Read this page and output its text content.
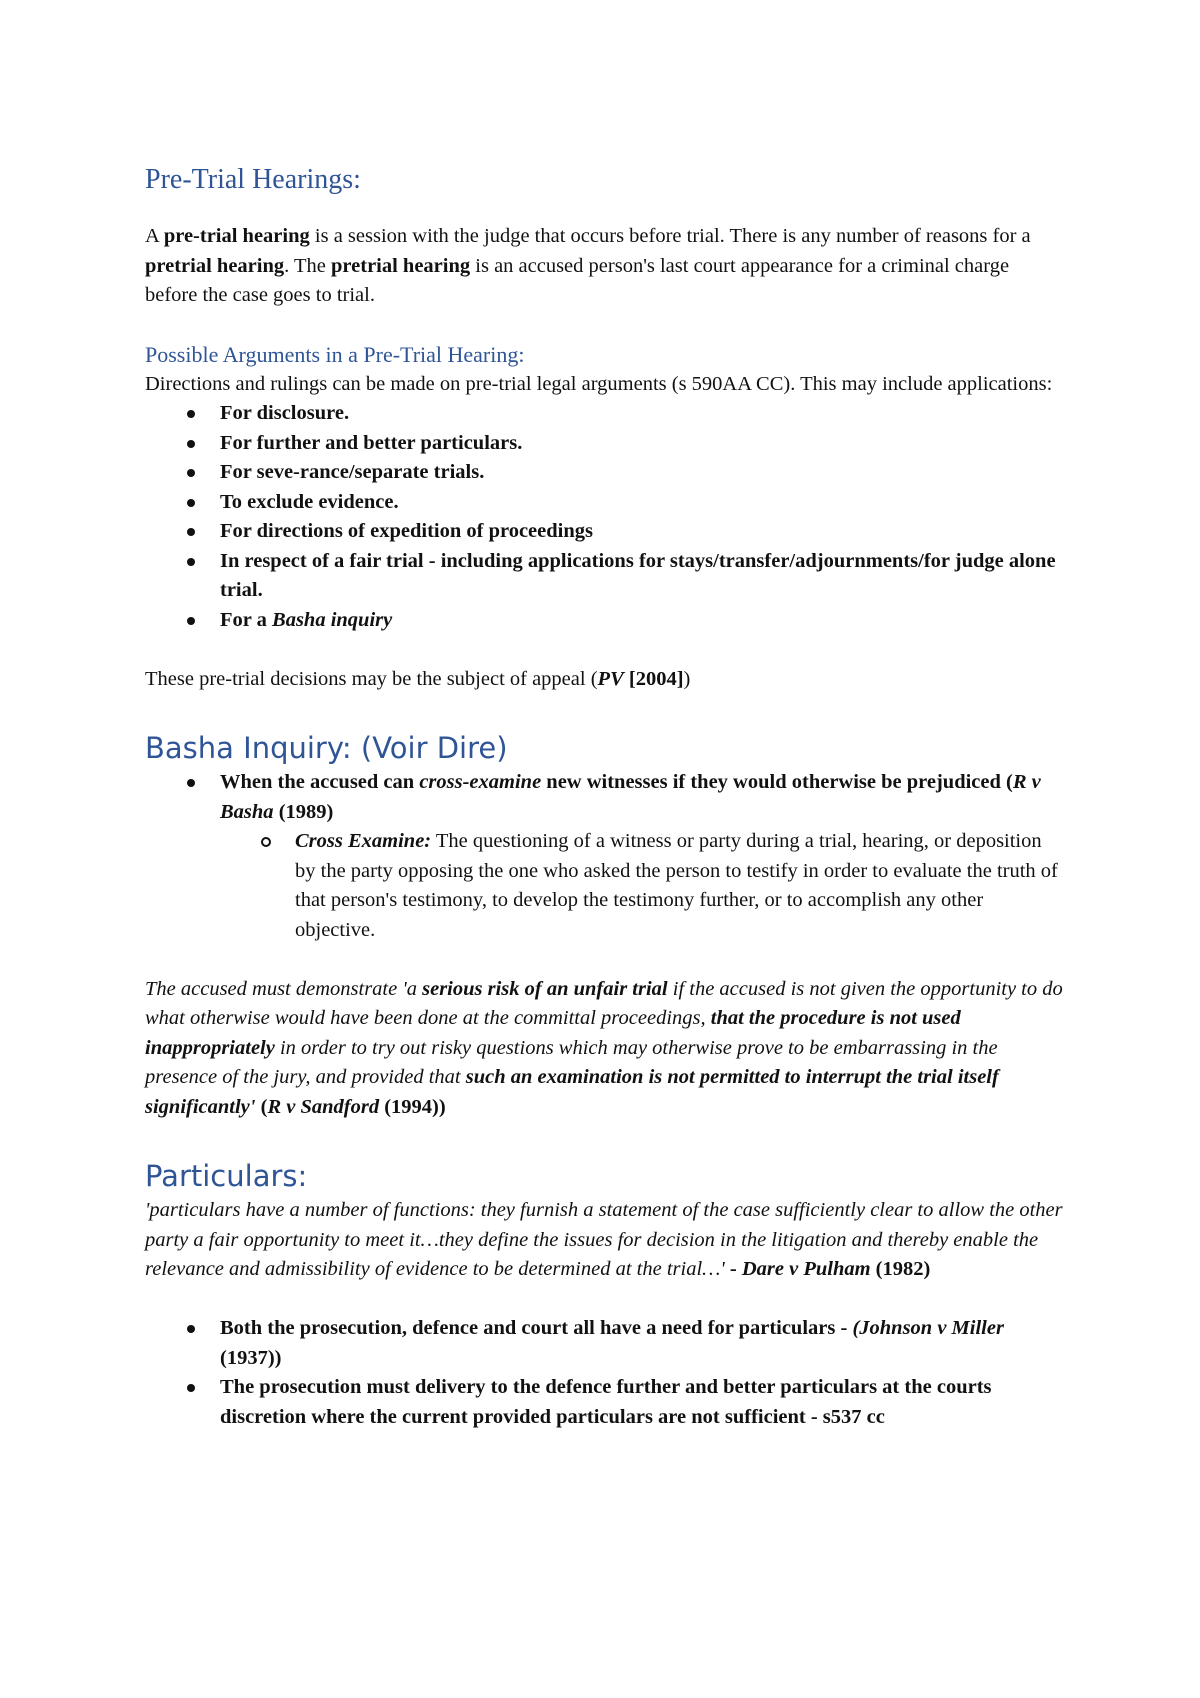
Pre-Trial Hearings:

A pre-trial hearing is a session with the judge that occurs before trial. There is any number of reasons for a pretrial hearing. The pretrial hearing is an accused person's last court appearance for a criminal charge before the case goes to trial.

Possible Arguments in a Pre-Trial Hearing:

Directions and rulings can be made on pre-trial legal arguments (s 590AA CC). This may include applications:

For disclosure.
For further and better particulars.
For seve-rance/separate trials.
To exclude evidence.
For directions of expedition of proceedings
In respect of a fair trial - including applications for stays/transfer/adjournments/for judge alone trial.
For a Basha inquiry

These pre-trial decisions may be the subject of appeal (PV [2004])

Basha Inquiry: (Voir Dire)
When the accused can cross-examine new witnesses if they would otherwise be prejudiced (R v Basha (1989)
Cross Examine: The questioning of a witness or party during a trial, hearing, or deposition by the party opposing the one who asked the person to testify in order to evaluate the truth of that person's testimony, to develop the testimony further, or to accomplish any other objective.

The accused must demonstrate 'a serious risk of an unfair trial if the accused is not given the opportunity to do what otherwise would have been done at the committal proceedings, that the procedure is not used inappropriately in order to try out risky questions which may otherwise prove to be embarrassing in the presence of the jury, and provided that such an examination is not permitted to interrupt the trial itself significantly' (R v Sandford (1994))

Particulars:

'particulars have a number of functions: they furnish a statement of the case sufficiently clear to allow the other party a fair opportunity to meet it…they define the issues for decision in the litigation and thereby enable the relevance and admissibility of evidence to be determined at the trial…' - Dare v Pulham (1982)

Both the prosecution, defence and court all have a need for particulars - (Johnson v Miller (1937))
The prosecution must delivery to the defence further and better particulars at the courts discretion where the current provided particulars are not sufficient - s537 cc
